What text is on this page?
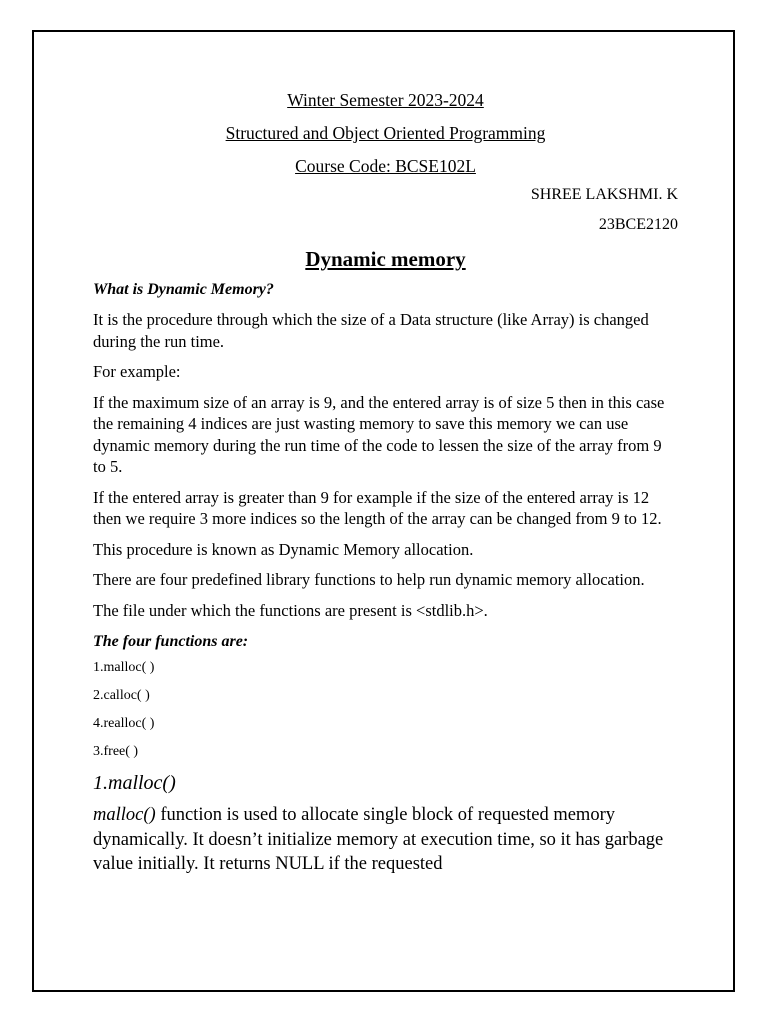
Winter Semester 2023-2024

Structured and Object Oriented Programming

Course Code: BCSE102L

SHREE LAKSHMI. K

23BCE2120

Dynamic memory

What is Dynamic Memory?

It is the procedure through which the size of a Data structure (like Array) is changed during the run time.

For example:

If the maximum size of an array is 9, and the entered array is of size 5 then in this case the remaining 4 indices are just wasting memory to save this memory we can use dynamic memory during the run time of the code to lessen the size of the array from 9 to 5.

If the entered array is greater than 9 for example if the size of the entered array is 12 then we require 3 more indices so the length of the array can be changed from 9 to 12.

This procedure is known as Dynamic Memory allocation.

There are four predefined library functions to help run dynamic memory allocation.

The file under which the functions are present is <stdlib.h>.

The four functions are:

1.malloc( )
2.calloc( )
4.realloc( )
3.free( )

1.malloc()

malloc() function is used to allocate single block of requested memory dynamically. It doesn’t initialize memory at execution time, so it has garbage value initially. It returns NULL if the requested
